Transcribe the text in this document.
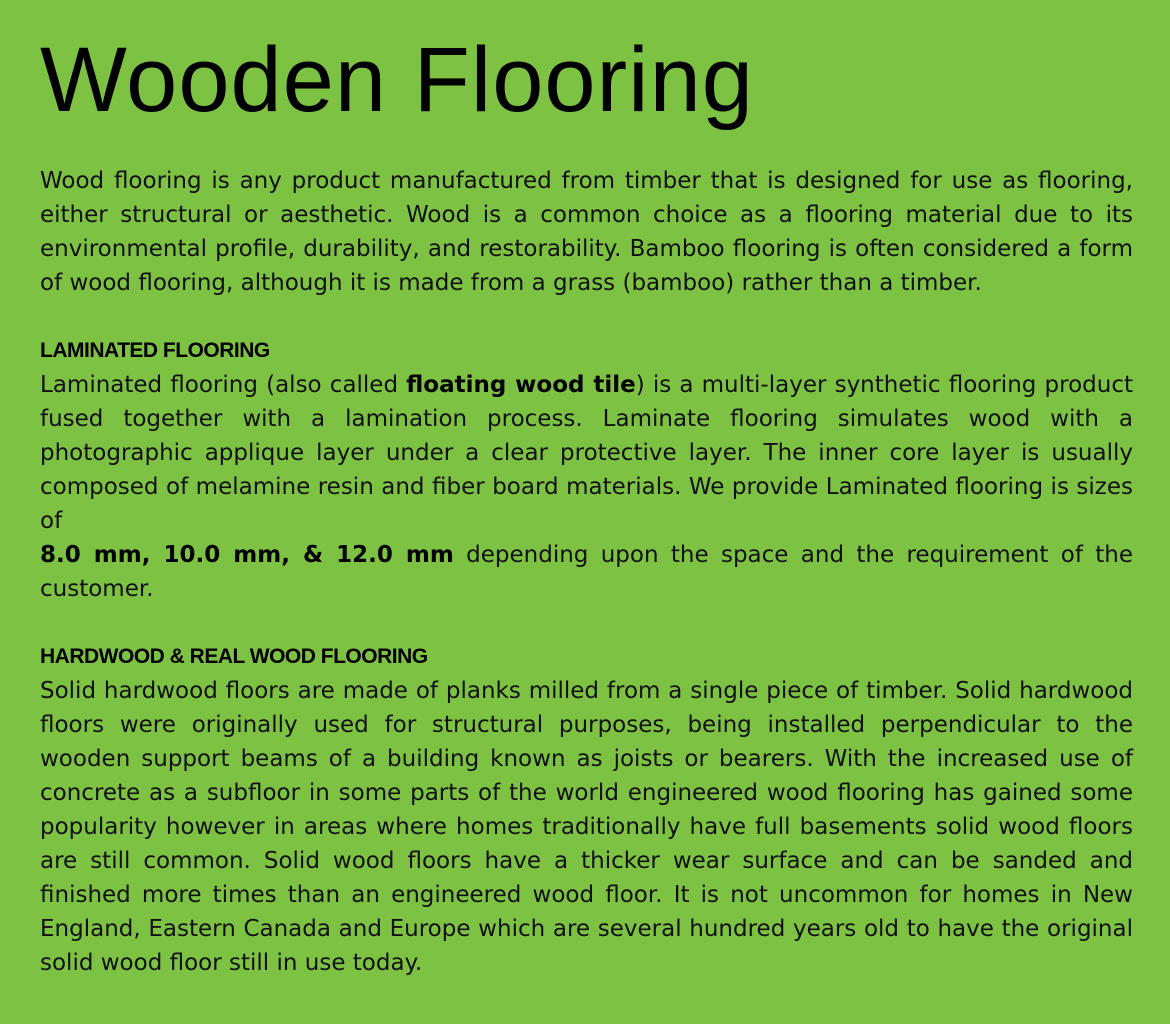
Wooden Flooring

Wood flooring is any product manufactured from timber that is designed for use as flooring, either structural or aesthetic. Wood is a common choice as a flooring material due to its environmental profile, durability, and restorability. Bamboo flooring is often considered a form of wood flooring, although it is made from a grass (bamboo) rather than a timber.

LAMINATED FLOORING

Laminated flooring (also called floating wood tile) is a multi-layer synthetic flooring product fused together with a lamination process. Laminate flooring simulates wood with a photographic applique layer under a clear protective layer. The inner core layer is usually composed of melamine resin and fiber board materials. We provide Laminated flooring is sizes of

8.0 mm, 10.0 mm, & 12.0 mm depending upon the space and the requirement of the customer.

HARDWOOD & REAL WOOD FLOORING

Solid hardwood floors are made of planks milled from a single piece of timber. Solid hardwood floors were originally used for structural purposes, being installed perpendicular to the wooden support beams of a building known as joists or bearers. With the increased use of concrete as a subfloor in some parts of the world engineered wood flooring has gained some popularity however in areas where homes traditionally have full basements solid wood floors are still common. Solid wood floors have a thicker wear surface and can be sanded and finished more times than an engineered wood floor. It is not uncommon for homes in New England, Eastern Canada and Europe which are several hundred years old to have the original solid wood floor still in use today.
